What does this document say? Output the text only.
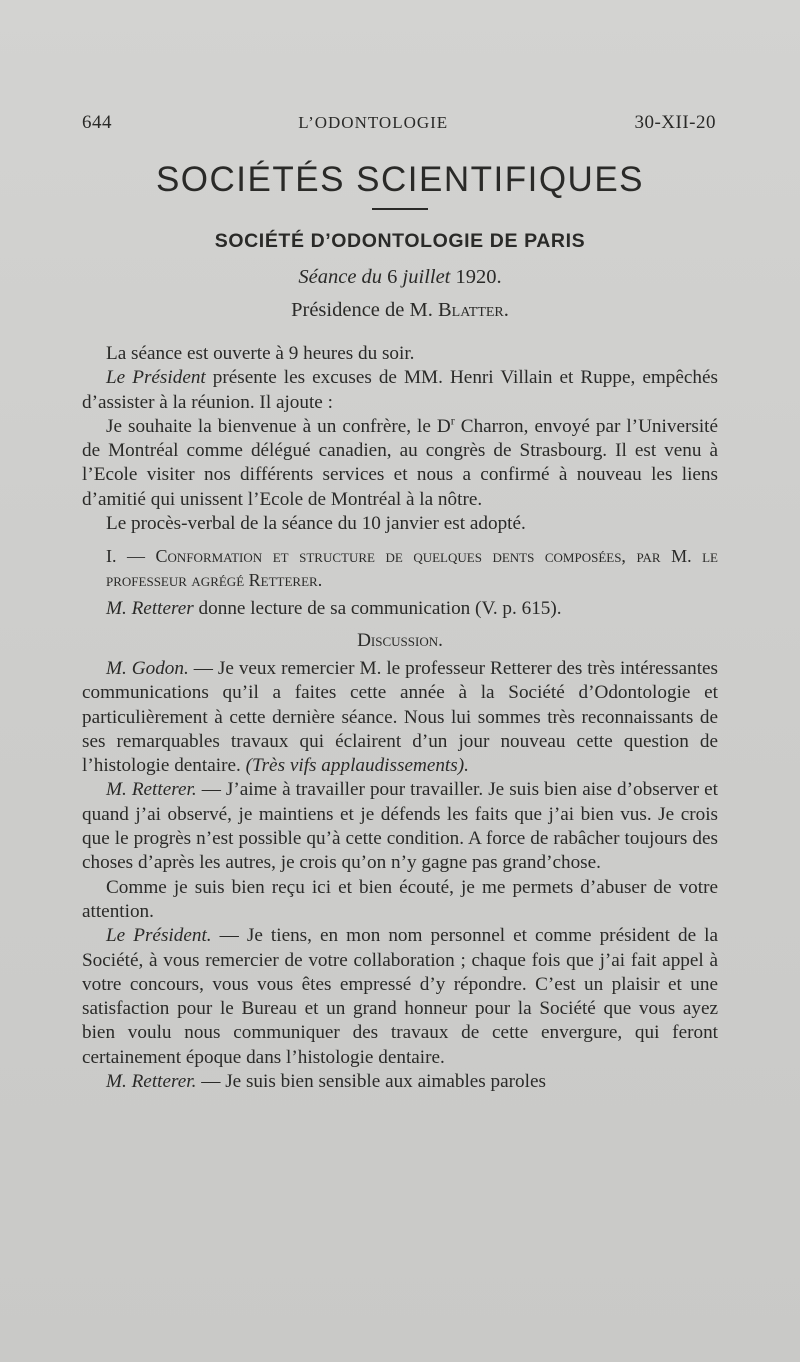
644	L’ODONTOLOGIE	30-XII-20
SOCIÉTÉS SCIENTIFIQUES
SOCIÉTÉ D’ODONTOLOGIE DE PARIS
Séance du 6 juillet 1920.
Présidence de M. Blatter.

La séance est ouverte à 9 heures du soir.

Le Président présente les excuses de MM. Henri Villain et Ruppe, empêchés d’assister à la réunion. Il ajoute :

Je souhaite la bienvenue à un confrère, le $D^r$ Charron, envoyé par l’Université de Montréal comme délégué canadien, au congrès de Strasbourg. Il est venu à l’Ecole visiter nos différents services et nous a confirmé à nouveau les liens d’amitié qui unissent l’Ecole de Montréal à la nôtre.

Le procès-verbal de la séance du 10 janvier est adopté.

I. — Conformation et structure de quelques dents composées, par M. le professeur agrégé Retterer.

M. Retterer donne lecture de sa communication (V. p. 615).

Discussion.

M. Godon. — Je veux remercier M. le professeur Retterer des très intéressantes communications qu’il a faites cette année à la Société d’Odontologie et particulièrement à cette dernière séance. Nous lui sommes très reconnaissants de ses remarquables travaux qui éclairent d’un jour nouveau cette question de l’histologie dentaire. (Très vifs applaudissements).

M. Retterer. — J’aime à travailler pour travailler. Je suis bien aise d’observer et quand j’ai observé, je maintiens et je défends les faits que j’ai bien vus. Je crois que le progrès n’est possible qu’à cette condition. A force de rabâcher toujours des choses d’après les autres, je crois qu’on n’y gagne pas grand’chose.

Comme je suis bien reçu ici et bien écouté, je me permets d’abuser de votre attention.

Le Président. — Je tiens, en mon nom personnel et comme président de la Société, à vous remercier de votre collaboration ; chaque fois que j’ai fait appel à votre concours, vous vous êtes empressé d’y répondre. C’est un plaisir et une satisfaction pour le Bureau et un grand honneur pour la Société que vous ayez bien voulu nous communiquer des travaux de cette envergure, qui feront certainement époque dans l’histologie dentaire.

M. Retterer. — Je suis bien sensible aux aimables paroles
